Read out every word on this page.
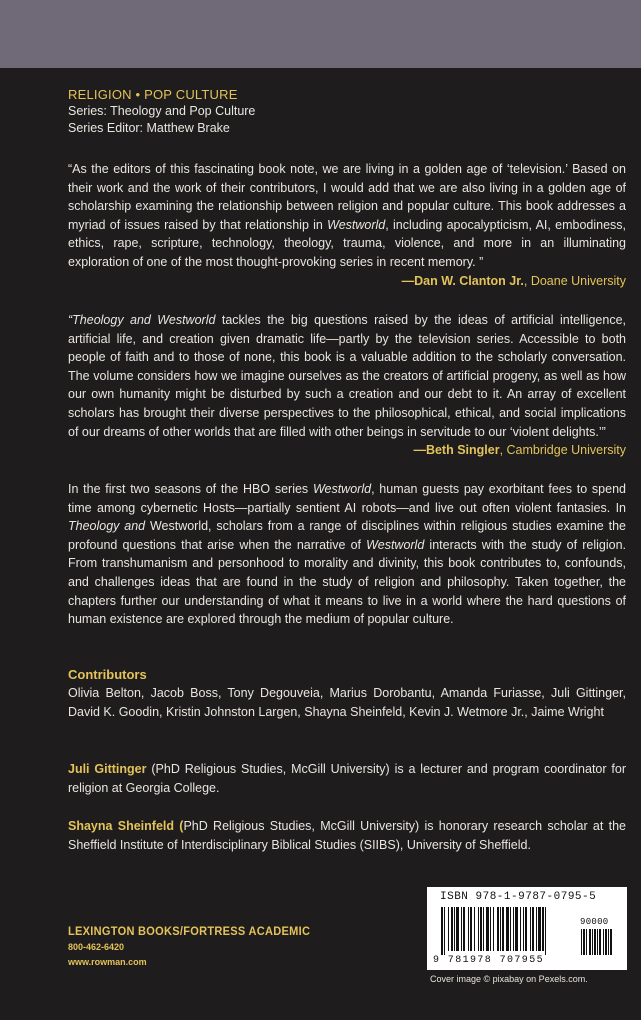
RELIGION • POP CULTURE
Series: Theology and Pop Culture
Series Editor: Matthew Brake
“As the editors of this fascinating book note, we are living in a golden age of ‘television.’ Based on their work and the work of their contributors, I would add that we are also living in a golden age of scholarship examining the relationship between religion and popular culture. This book addresses a myriad of issues raised by that relationship in Westworld, including apocalypticism, AI, embodiness, ethics, rape, scripture, technology, theology, trauma, violence, and more in an illuminating exploration of one of the most thought-provoking series in recent memory. ”
—Dan W. Clanton Jr., Doane University
“Theology and Westworld tackles the big questions raised by the ideas of artificial intelligence, artificial life, and creation given dramatic life—partly by the television series. Accessible to both people of faith and to those of none, this book is a valuable addition to the scholarly conversation. The volume considers how we imagine ourselves as the creators of artificial progeny, as well as how our own humanity might be disturbed by such a creation and our debt to it. An array of excellent scholars has brought their diverse perspectives to the philosophical, ethical, and social implications of our dreams of other worlds that are filled with other beings in servitude to our ‘violent delights.’”
—Beth Singler, Cambridge University
In the first two seasons of the HBO series Westworld, human guests pay exorbitant fees to spend time among cybernetic Hosts—partially sentient AI robots—and live out often violent fantasies. In Theology and Westworld, scholars from a range of disciplines within religious studies examine the profound questions that arise when the narrative of Westworld interacts with the study of religion. From transhumanism and personhood to morality and divinity, this book contributes to, confounds, and challenges ideas that are found in the study of religion and philosophy. Taken together, the chapters further our understanding of what it means to live in a world where the hard questions of human existence are explored through the medium of popular culture.
Contributors

Olivia Belton, Jacob Boss, Tony Degouveia, Marius Dorobantu, Amanda Furiasse, Juli Gittinger, David K. Goodin, Kristin Johnston Largen, Shayna Sheinfeld, Kevin J. Wetmore Jr., Jaime Wright

Juli Gittinger (PhD Religious Studies, McGill University) is a lecturer and program coordinator for religion at Georgia College.
Shayna Sheinfeld (PhD Religious Studies, McGill University) is honorary research scholar at the Sheffield Institute of Interdisciplinary Biblical Studies (SIIBS), University of Sheffield.
LEXINGTON BOOKS/FORTRESS ACADEMIC
800-462-6420
www.rowman.com
ISBN 978-1-9787-0795-5
90000
9 781978 707955
Cover image © pixabay on Pexels.com.
